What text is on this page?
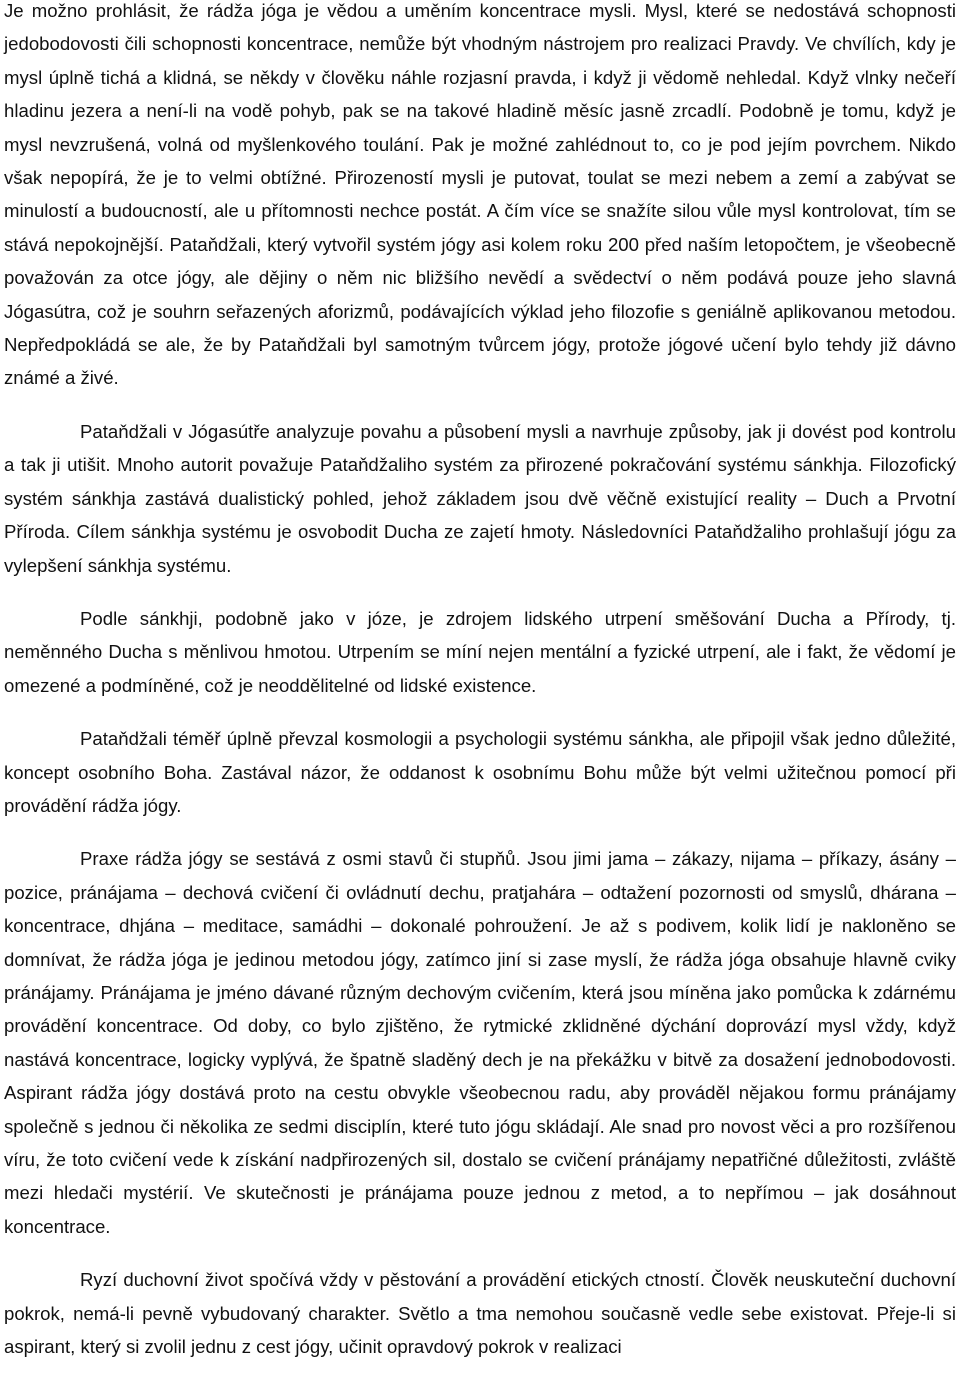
Je možno prohlásit, že rádža jóga je vědou a uměním koncentrace mysli. Mysl, které se nedostává schopnosti jedobodovosti čili schopnosti koncentrace, nemůže být vhodným nástrojem pro realizaci Pravdy. Ve chvílích, kdy je mysl úplně tichá a klidná, se někdy v člověku náhle rozjasní pravda, i když ji vědomě nehledal. Když vlnky nečeří hladinu jezera a není-li na vodě pohyb, pak se na takové hladině měsíc jasně zrcadlí. Podobně je tomu, když je mysl nevzrušená, volná od myšlenkového toulání. Pak je možné zahlédnout to, co je pod jejím povrchem. Nikdo však nepopírá, že je to velmi obtížné. Přirozeností mysli je putovat, toulat se mezi nebem a zemí a zabývat se minulostí a budoucností, ale u přítomnosti nechce postát. A čím více se snažíte silou vůle mysl kontrolovat, tím se stává nepokojnější. Pataňdžali, který vytvořil systém jógy asi kolem roku 200 před naším letopočtem, je všeobecně považován za otce jógy, ale dějiny o něm nic bližšího nevědí a svědectví o něm podává pouze jeho slavná Jógasútra, což je souhrn seřazených aforizmů, podávajících výklad jeho filozofie s geniálně aplikovanou metodou. Nepředpokládá se ale, že by Pataňdžali byl samotným tvůrcem jógy, protože jógové učení bylo tehdy již dávno známé a živé.

Pataňdžali v Jógasútře analyzuje povahu a působení mysli a navrhuje způsoby, jak ji dovést pod kontrolu a tak ji utišit. Mnoho autorit považuje Pataňdžaliho systém za přirozené pokračování systému sánkhja. Filozofický systém sánkhja zastává dualistický pohled, jehož základem jsou dvě věčně existující reality – Duch a Prvotní Příroda. Cílem sánkhja systému je osvobodit Ducha ze zajetí hmoty. Následovníci Pataňdžaliho prohlašují jógu za vylepšení sánkhja systému.

Podle sánkhji, podobně jako v józe, je zdrojem lidského utrpení směšování Ducha a Přírody, tj. neměnného Ducha s měnlivou hmotou. Utrpením se míní nejen mentální a fyzické utrpení, ale i fakt, že vědomí je omezené a podmíněné, což je neoddělitelné od lidské existence.

Pataňdžali téměř úplně převzal kosmologii a psychologii systému sánkha, ale připojil však jedno důležité, koncept osobního Boha. Zastával názor, že oddanost k osobnímu Bohu může být velmi užitečnou pomocí při provádění rádža jógy.

Praxe rádža jógy se sestává z osmi stavů či stupňů. Jsou jimi jama – zákazy, nijama – příkazy, ásány – pozice, pránájama – dechová cvičení či ovládnutí dechu, pratjahára – odtažení pozornosti od smyslů, dhárana – koncentrace, dhjána – meditace, samádhi – dokonalé pohroužení. Je až s podivem, kolik lidí je nakloněno se domnívat, že rádža jóga je jedinou metodou jógy, zatímco jiní si zase myslí, že rádža jóga obsahuje hlavně cviky pránájamy. Pránájama je jméno dávané různým dechovým cvičením, která jsou míněna jako pomůcka k zdárnému provádění koncentrace. Od doby, co bylo zjištěno, že rytmické zklidněné dýchání doprovází mysl vždy, když nastává koncentrace, logicky vyplývá, že špatně sladěný dech je na překážku v bitvě za dosažení jednobodovosti. Aspirant rádža jógy dostává proto na cestu obvykle všeobecnou radu, aby prováděl nějakou formu pránájamy společně s jednou či několika ze sedmi disciplín, které tuto jógu skládají. Ale snad pro novost věci a pro rozšířenou víru, že toto cvičení vede k získání nadpřirozených sil, dostalo se cvičení pránájamy nepatřičné důležitosti, zvláště mezi hledači mystérií. Ve skutečnosti je pránájama pouze jednou z metod, a to nepřímou – jak dosáhnout koncentrace.

Ryzí duchovní život spočívá vždy v pěstování a provádění etických ctností. Člověk neuskuteční duchovní pokrok, nemá-li pevně vybudovaný charakter. Světlo a tma nemohou současně vedle sebe existovat. Přeje-li si aspirant, který si zvolil jednu z cest jógy, učinit opravdový pokrok v realizaci
